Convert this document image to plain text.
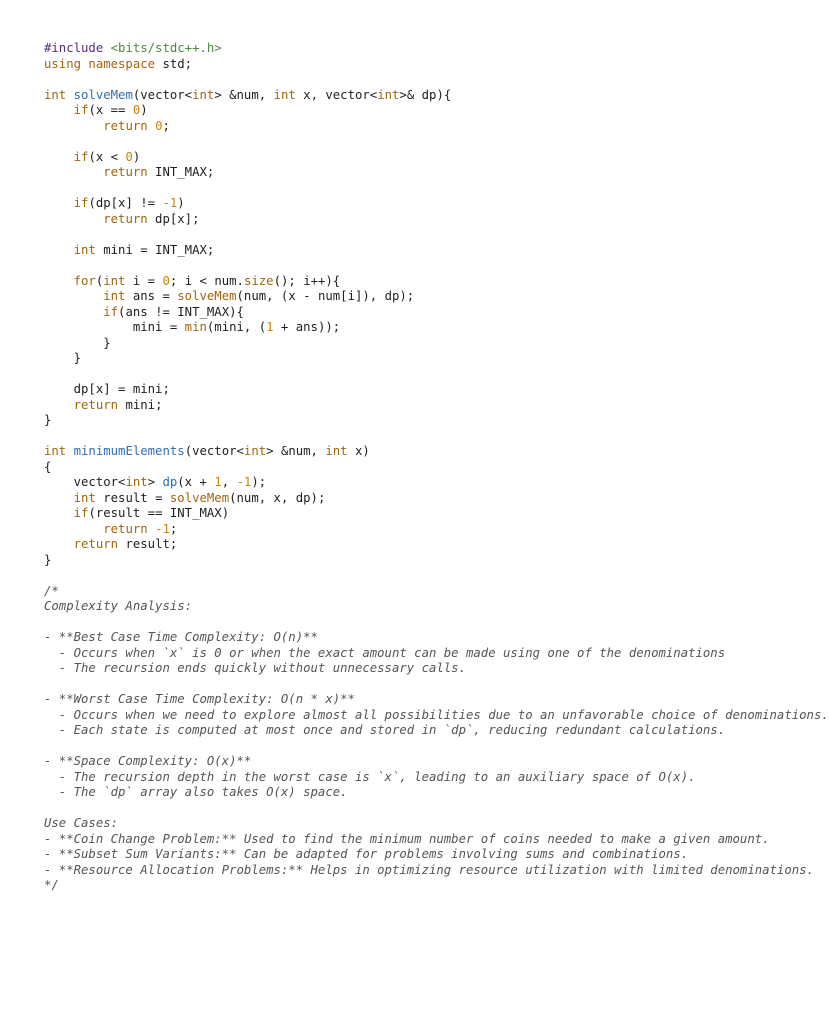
#include <bits/stdc++.h>
using namespace std;

int solveMem(vector<int> &num, int x, vector<int>& dp){
if(x == 0)
return 0;

if(x < 0)
return INT_MAX;

if(dp[x] != -1)
return dp[x];

int mini = INT_MAX;

for(int i = 0; i < num.size(); i++){
int ans = solveMem(num, (x - num[i]), dp);
if(ans != INT_MAX){
mini = min(mini, (1 + ans));
}
}

dp[x] = mini;
return mini;
}

int minimumElements(vector<int> &num, int x)
{
vector<int> dp(x + 1, -1);
int result = solveMem(num, x, dp);
if(result == INT_MAX)
return -1;
return result;
}

/*
Complexity Analysis:

- **Best Case Time Complexity: O(n)**
- Occurs when `x` is 0 or when the exact amount can be made using one of the denominations
- The recursion ends quickly without unnecessary calls.

- **Worst Case Time Complexity: O(n * x)**
- Occurs when we need to explore almost all possibilities due to an unfavorable choice of denominations.
- Each state is computed at most once and stored in `dp`, reducing redundant calculations.

- **Space Complexity: O(x)**
- The recursion depth in the worst case is `x`, leading to an auxiliary space of O(x).
- The `dp` array also takes O(x) space.

Use Cases:
- **Coin Change Problem:** Used to find the minimum number of coins needed to make a given amount.
- **Subset Sum Variants:** Can be adapted for problems involving sums and combinations.
- **Resource Allocation Problems:** Helps in optimizing resource utilization with limited denominations.
*/
